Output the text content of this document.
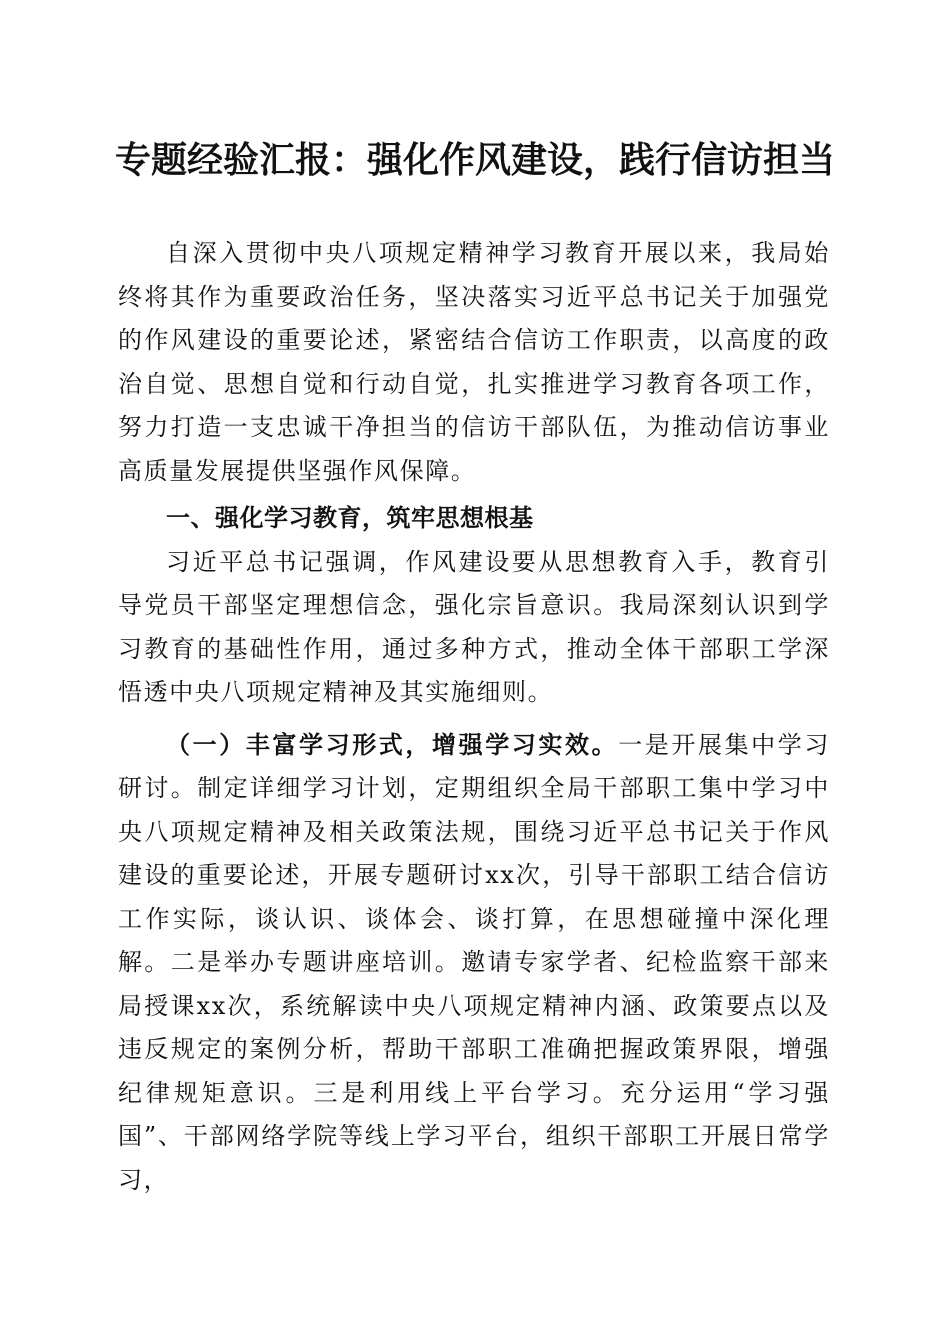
专题经验汇报：强化作风建设，践行信访担当

自深入贯彻中央八项规定精神学习教育开展以来，我局始终将其作为重要政治任务，坚决落实习近平总书记关于加强党的作风建设的重要论述，紧密结合信访工作职责，以高度的政治自觉、思想自觉和行动自觉，扎实推进学习教育各项工作，努力打造一支忠诚干净担当的信访干部队伍，为推动信访事业高质量发展提供坚强作风保障。

一、强化学习教育，筑牢思想根基

习近平总书记强调，作风建设要从思想教育入手，教育引导党员干部坚定理想信念，强化宗旨意识。我局深刻认识到学习教育的基础性作用，通过多种方式，推动全体干部职工学深悟透中央八项规定精神及其实施细则。

（一）丰富学习形式，增强学习实效。一是开展集中学习研讨。制定详细学习计划，定期组织全局干部职工集中学习中央八项规定精神及相关政策法规，围绕习近平总书记关于作风建设的重要论述，开展专题研讨xx次，引导干部职工结合信访工作实际，谈认识、谈体会、谈打算，在思想碰撞中深化理解。二是举办专题讲座培训。邀请专家学者、纪检监察干部来局授课xx次，系统解读中央八项规定精神内涵、政策要点以及违反规定的案例分析，帮助干部职工准确把握政策界限，增强纪律规矩意识。三是利用线上平台学习。充分运用“学习强国”、干部网络学院等线上学习平台，组织干部职工开展日常学习，
